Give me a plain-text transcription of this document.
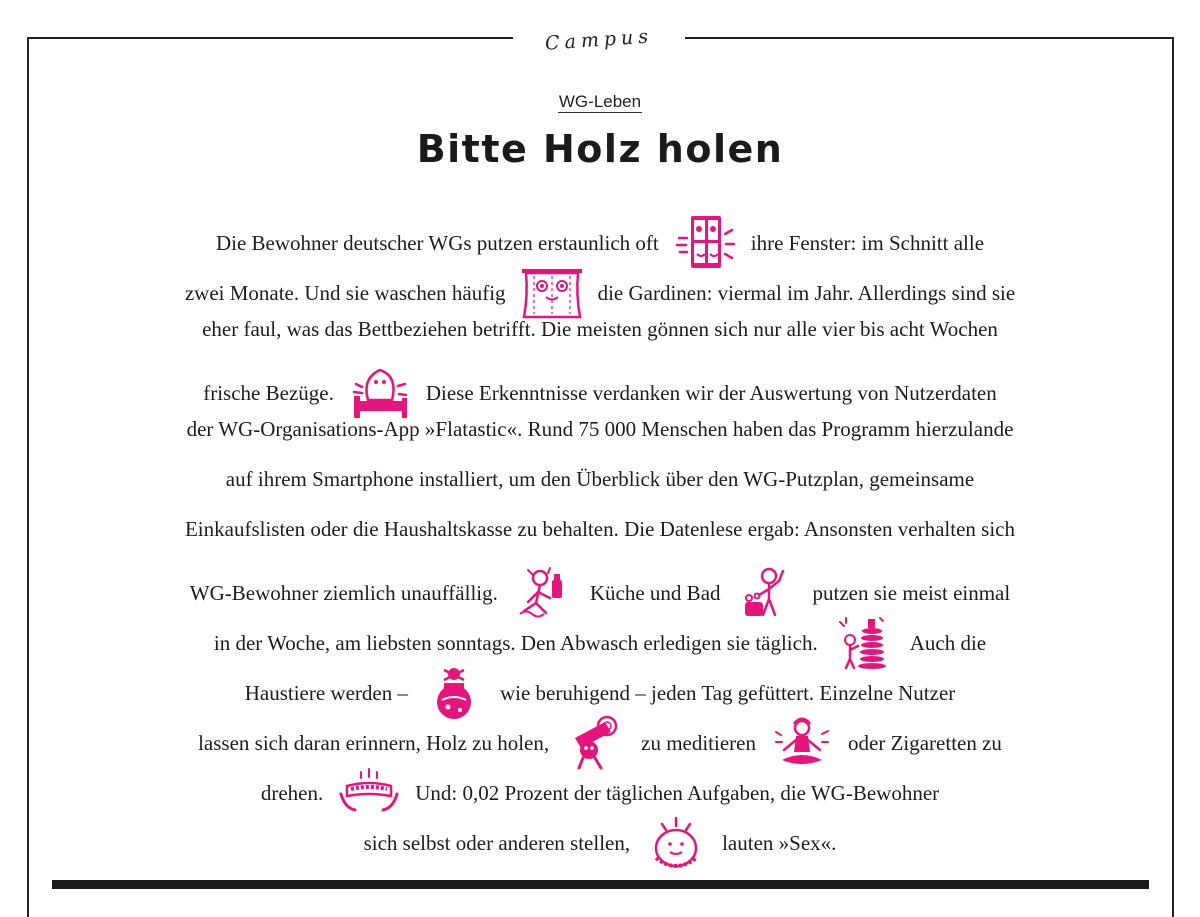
Campus
WG-Leben
Bitte Holz holen
Die Bewohner deutscher WGs putzen erstaunlich oft	ihre Fenster: im Schnitt alle
zwei Monate. Und sie waschen häufig	die Gardinen: viermal im Jahr. Allerdings sind sie
eher faul, was das Bettbeziehen betrifft. Die meisten gönnen sich nur alle vier bis acht Wochen
frische Bezüge.	Diese Erkenntnisse verdanken wir der Auswertung von Nutzerdaten
der WG-Organisations-App »Flatastic«. Rund 75 000 Menschen haben das Programm hierzulande
auf ihrem Smartphone installiert, um den Überblick über den WG-Putzplan, gemeinsame
Einkaufslisten oder die Haushaltskasse zu behalten. Die Datenlese ergab: Ansonsten verhalten sich
WG-Bewohner ziemlich unauffällig.	Küche und Bad	putzen sie meist einmal
in der Woche, am liebsten sonntags. Den Abwasch erledigen sie täglich.	Auch die
Haustiere werden –	wie beruhigend – jeden Tag gefüttert. Einzelne Nutzer
lassen sich daran erinnern, Holz zu holen,	zu meditieren	oder Zigaretten zu
drehen.	Und: 0,02 Prozent der täglichen Aufgaben, die WG-Bewohner
sich selbst oder anderen stellen,	lauten »Sex«.
